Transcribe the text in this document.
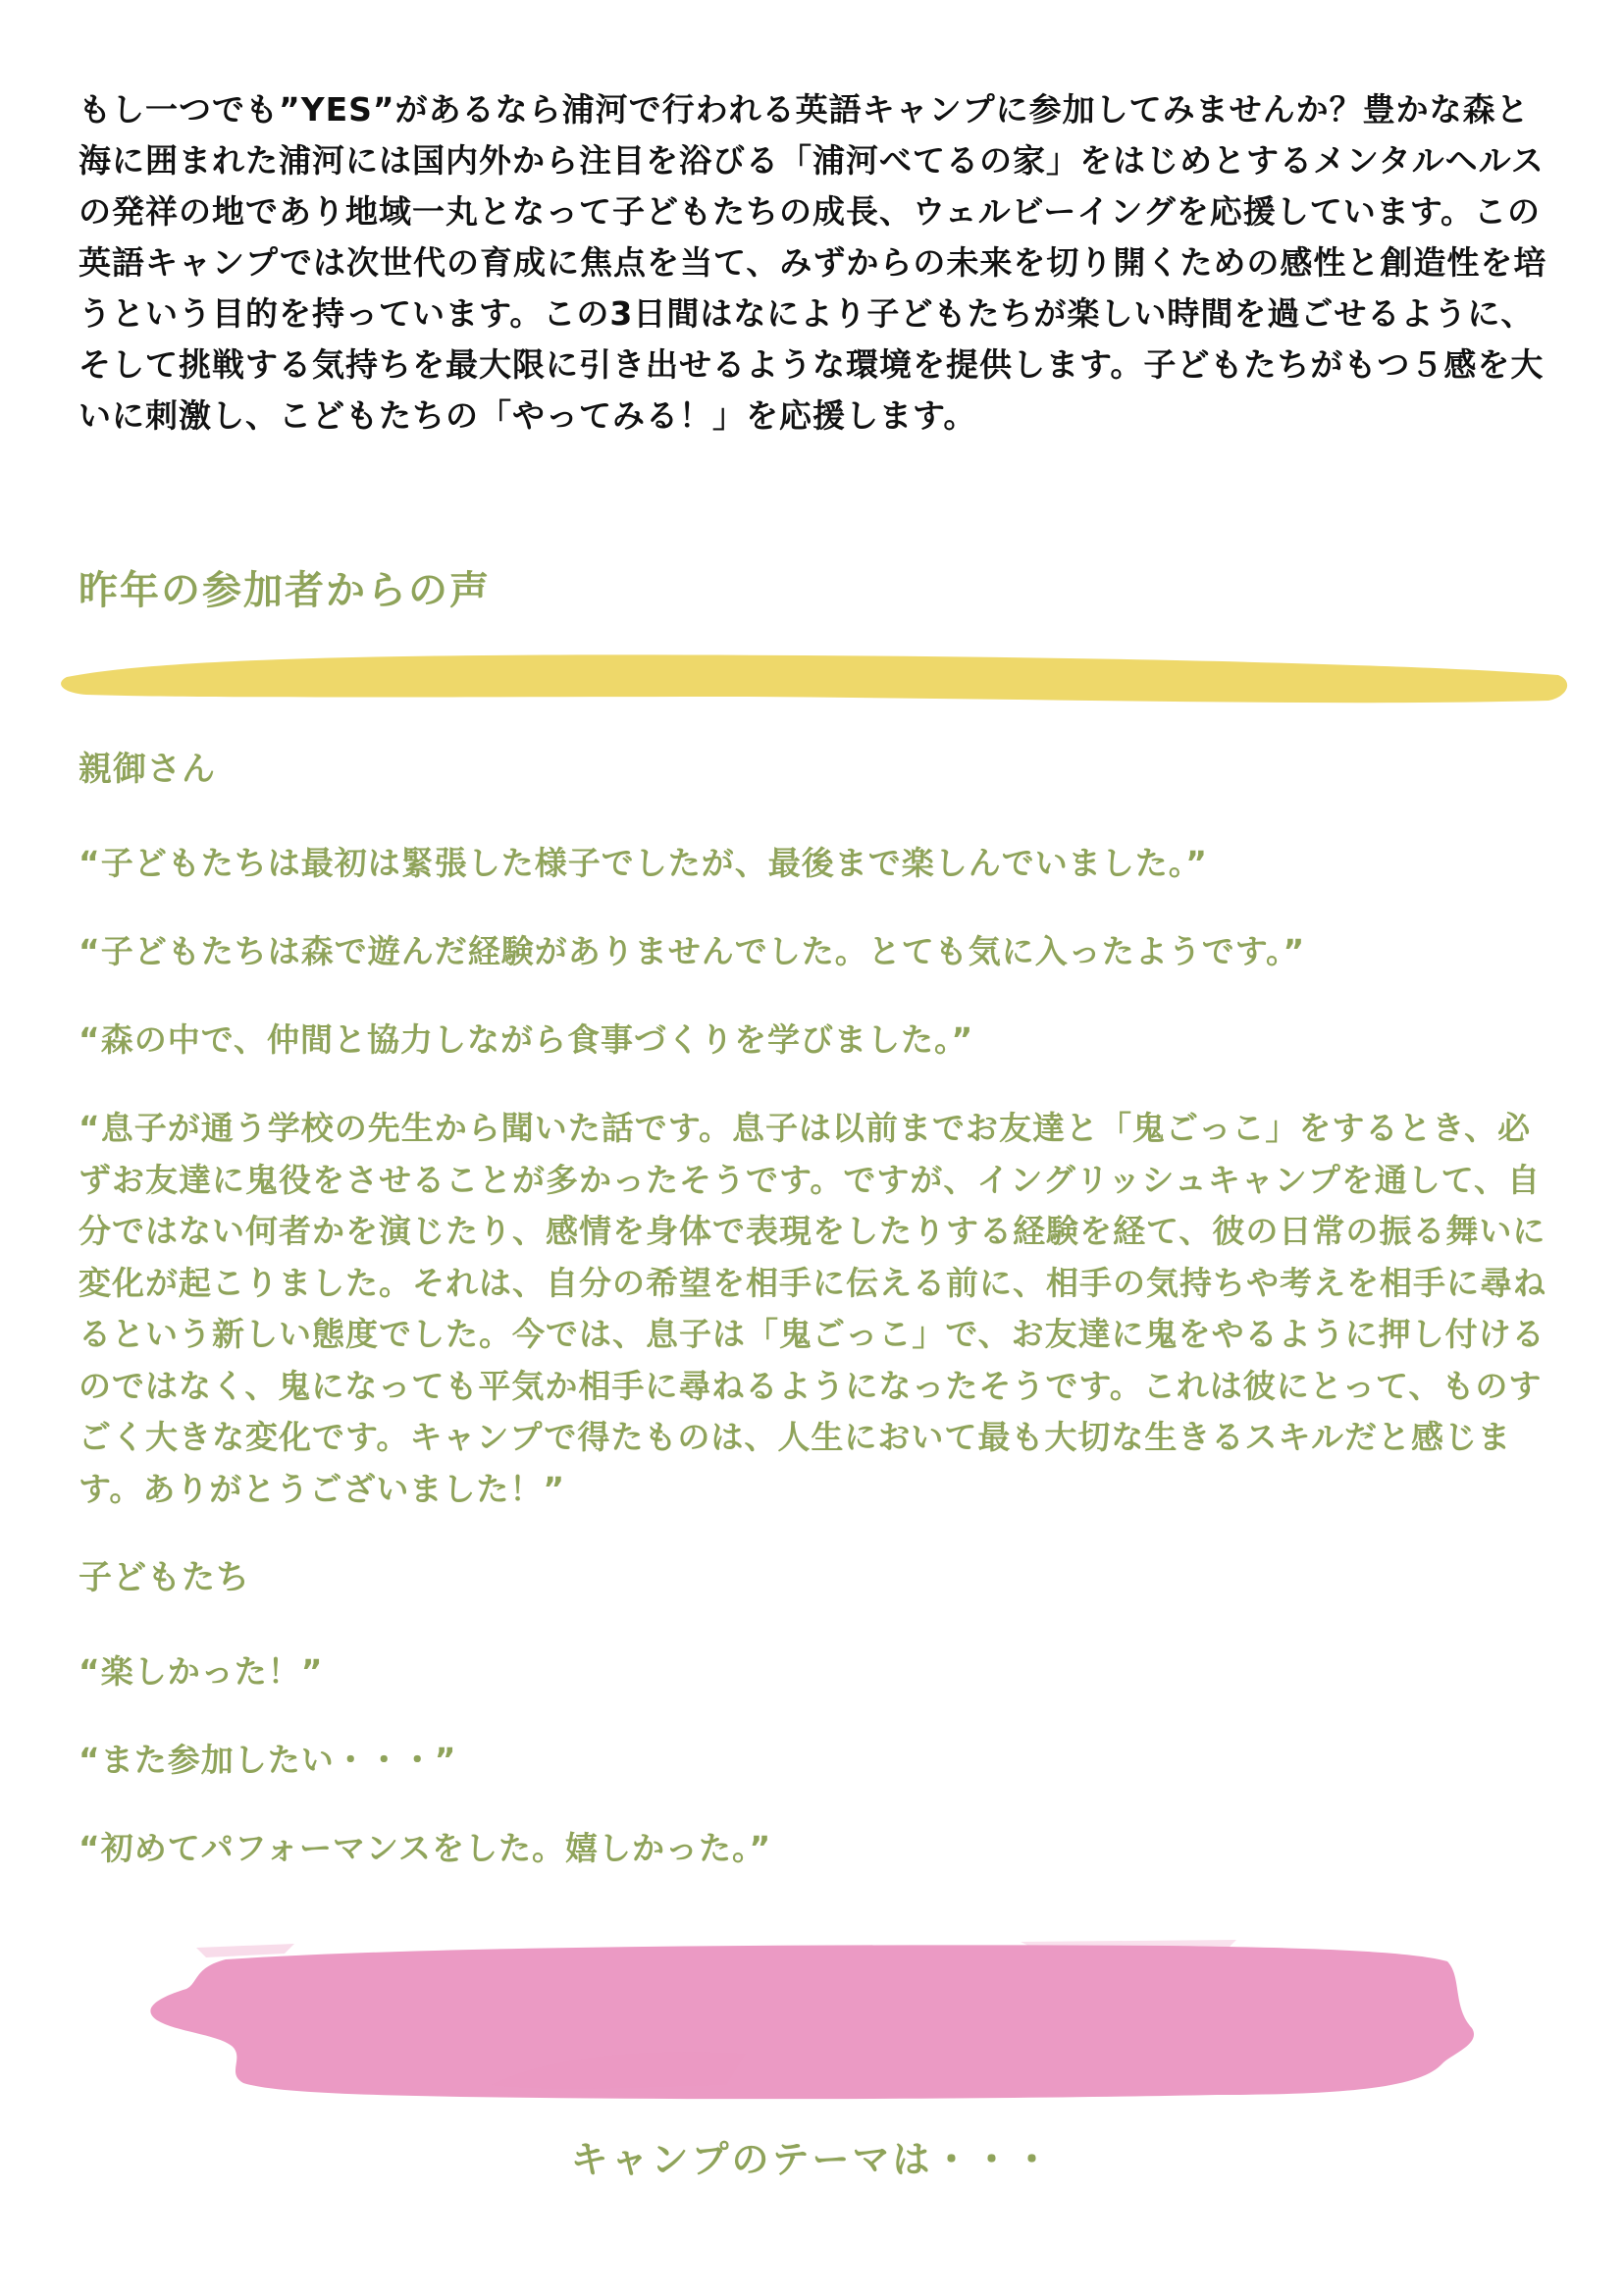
もし一つでも”YES”があるなら浦河で行われる英語キャンプに参加してみませんか？豊かな森と海に囲まれた浦河には国内外から注目を浴びる「浦河べてるの家」をはじめとするメンタルヘルスの発祥の地であり地域一丸となって子どもたちの成長、ウェルビーイングを応援しています。この英語キャンプでは次世代の育成に焦点を当て、みずからの未来を切り開くための感性と創造性を培うという目的を持っています。この3日間はなにより子どもたちが楽しい時間を過ごせるように、そして挑戦する気持ちを最大限に引き出せるような環境を提供します。子どもたちがもつ５感を大いに刺激し、こどもたちの「やってみる！」を応援します。

昨年の参加者からの声

親御さん

“子どもたちは最初は緊張した様子でしたが、最後まで楽しんでいました。”

“子どもたちは森で遊んだ経験がありませんでした。とても気に入ったようです。”

“森の中で、仲間と協力しながら食事づくりを学びました。”

“息子が通う学校の先生から聞いた話です。息子は以前までお友達と「鬼ごっこ」をするとき、必ずお友達に鬼役をさせることが多かったそうです。ですが、イングリッシュキャンプを通して、自分ではない何者かを演じたり、感情を身体で表現をしたりする経験を経て、彼の日常の振る舞いに変化が起こりました。それは、自分の希望を相手に伝える前に、相手の気持ちや考えを相手に尋ねるという新しい態度でした。今では、息子は「鬼ごっこ」で、お友達に鬼をやるように押し付けるのではなく、鬼になっても平気か相手に尋ねるようになったそうです。これは彼にとって、ものすごく大きな変化です。キャンプで得たものは、人生において最も大切な生きるスキルだと感じます。ありがとうございました！”

子どもたち

“楽しかった！”

“また参加したい・・・”

“初めてパフォーマンスをした。嬉しかった。”

キャンプのテーマは・・・
